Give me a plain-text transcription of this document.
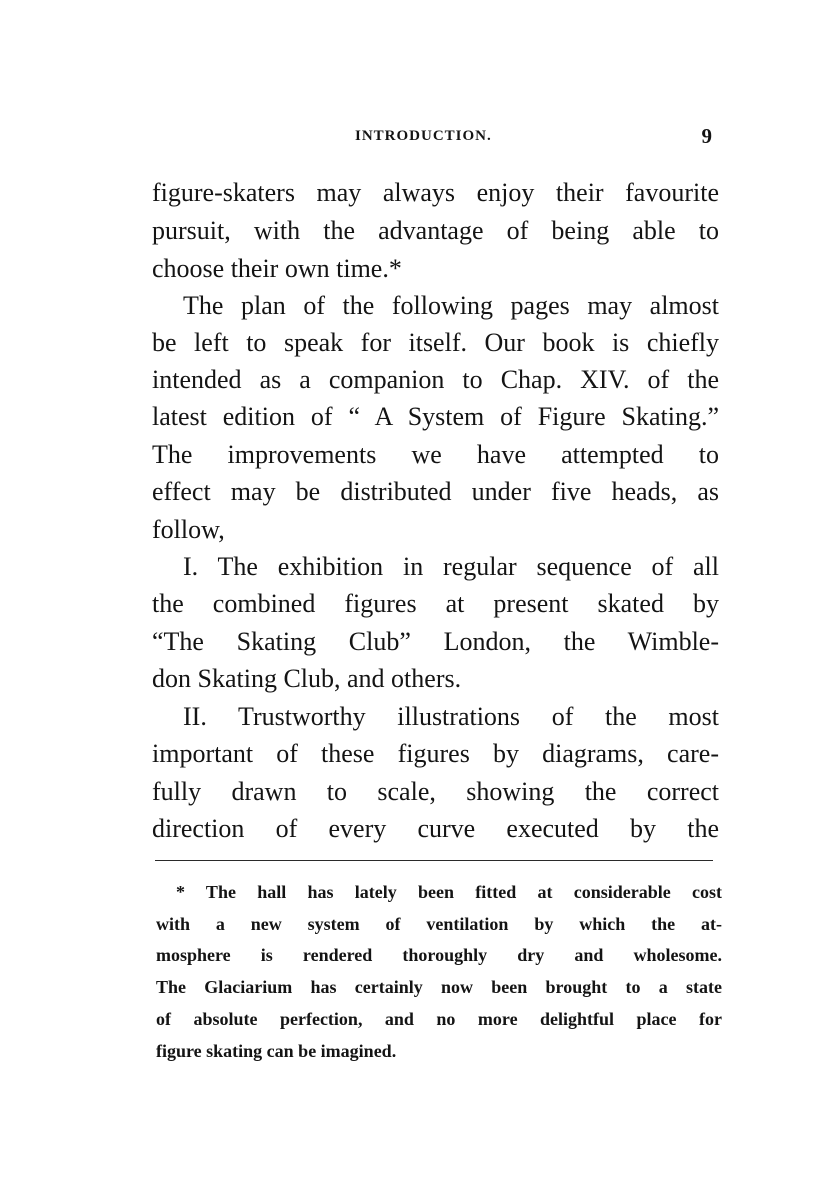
INTRODUCTION.	9
figure-skaters may always enjoy their favourite
pursuit, with the advantage of being able to
choose their own time.*
The plan of the following pages may almost
be left to speak for itself. Our book is chiefly
intended as a companion to Chap. XIV. of the
latest edition of “ A System of Figure Skating.”
The improvements we have attempted to
effect may be distributed under five heads, as
follow,
I. The exhibition in regular sequence of all
the combined figures at present skated by
“The Skating Club” London, the Wimble-
don Skating Club, and others.
II. Trustworthy illustrations of the most
important of these figures by diagrams, care-
fully drawn to scale, showing the correct
direction of every curve executed by the
* The hall has lately been fitted at considerable cost
with a new system of ventilation by which the at-
mosphere is rendered thoroughly dry and wholesome.
The Glaciarium has certainly now been brought to a state
of absolute perfection, and no more delightful place for
figure skating can be imagined.
